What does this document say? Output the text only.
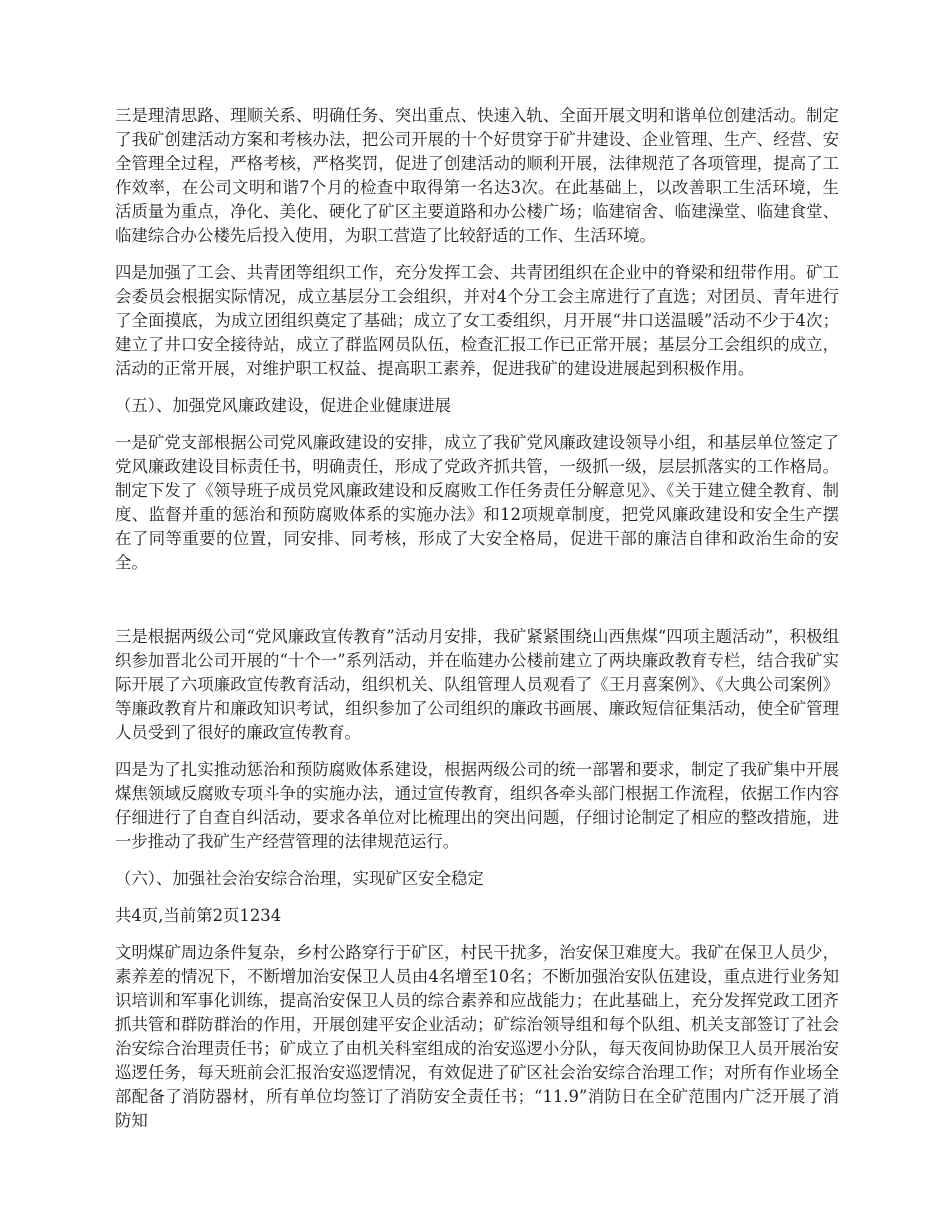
三是理清思路、理顺关系、明确任务、突出重点、快速入轨、全面开展文明和谐单位创建活动。制定了我矿创建活动方案和考核办法，把公司开展的十个好贯穿于矿井建设、企业管理、生产、经营、安全管理全过程，严格考核，严格奖罚，促进了创建活动的顺利开展，法律规范了各项管理，提高了工作效率，在公司文明和谐7个月的检查中取得第一名达3次。在此基础上，以改善职工生活环境，生活质量为重点，净化、美化、硬化了矿区主要道路和办公楼广场；临建宿舍、临建澡堂、临建食堂、临建综合办公楼先后投入使用，为职工营造了比较舒适的工作、生活环境。

四是加强了工会、共青团等组织工作，充分发挥工会、共青团组织在企业中的脊梁和纽带作用。矿工会委员会根据实际情况，成立基层分工会组织，并对4个分工会主席进行了直选；对团员、青年进行了全面摸底，为成立团组织奠定了基础；成立了女工委组织，月开展“井口送温暖”活动不少于4次；建立了井口安全接待站，成立了群监网员队伍，检查汇报工作已正常开展；基层分工会组织的成立，活动的正常开展，对维护职工权益、提高职工素养，促进我矿的建设进展起到积极作用。

（五）、加强党风廉政建设，促进企业健康进展

一是矿党支部根据公司党风廉政建设的安排，成立了我矿党风廉政建设领导小组，和基层单位签定了党风廉政建设目标责任书，明确责任，形成了党政齐抓共管，一级抓一级，层层抓落实的工作格局。制定下发了《领导班子成员党风廉政建设和反腐败工作任务责任分解意见》、《关于建立健全教育、制度、监督并重的惩治和预防腐败体系的实施办法》和12项规章制度，把党风廉政建设和安全生产摆在了同等重要的位置，同安排、同考核，形成了大安全格局，促进干部的廉洁自律和政治生命的安全。

三是根据两级公司“党风廉政宣传教育”活动月安排，我矿紧紧围绕山西焦煤“四项主题活动”，积极组织参加晋北公司开展的“十个一”系列活动，并在临建办公楼前建立了两块廉政教育专栏，结合我矿实际开展了六项廉政宣传教育活动，组织机关、队组管理人员观看了《王月喜案例》、《大典公司案例》等廉政教育片和廉政知识考试，组织参加了公司组织的廉政书画展、廉政短信征集活动，使全矿管理人员受到了很好的廉政宣传教育。

四是为了扎实推动惩治和预防腐败体系建设，根据两级公司的统一部署和要求，制定了我矿集中开展煤焦领域反腐败专项斗争的实施办法，通过宣传教育，组织各牵头部门根据工作流程，依据工作内容仔细进行了自查自纠活动，要求各单位对比梳理出的突出问题，仔细讨论制定了相应的整改措施，进一步推动了我矿生产经营管理的法律规范运行。

（六）、加强社会治安综合治理，实现矿区安全稳定

共4页,当前第2页1234

文明煤矿周边条件复杂，乡村公路穿行于矿区，村民干扰多，治安保卫难度大。我矿在保卫人员少，素养差的情况下，不断增加治安保卫人员由4名增至10名；不断加强治安队伍建设，重点进行业务知识培训和军事化训练，提高治安保卫人员的综合素养和应战能力；在此基础上，充分发挥党政工团齐抓共管和群防群治的作用，开展创建平安企业活动；矿综治领导组和每个队组、机关支部签订了社会治安综合治理责任书；矿成立了由机关科室组成的治安巡逻小分队，每天夜间协助保卫人员开展治安巡逻任务，每天班前会汇报治安巡逻情况，有效促进了矿区社会治安综合治理工作；对所有作业场全部配备了消防器材，所有单位均签订了消防安全责任书；“11.9”消防日在全矿范围内广泛开展了消防知
